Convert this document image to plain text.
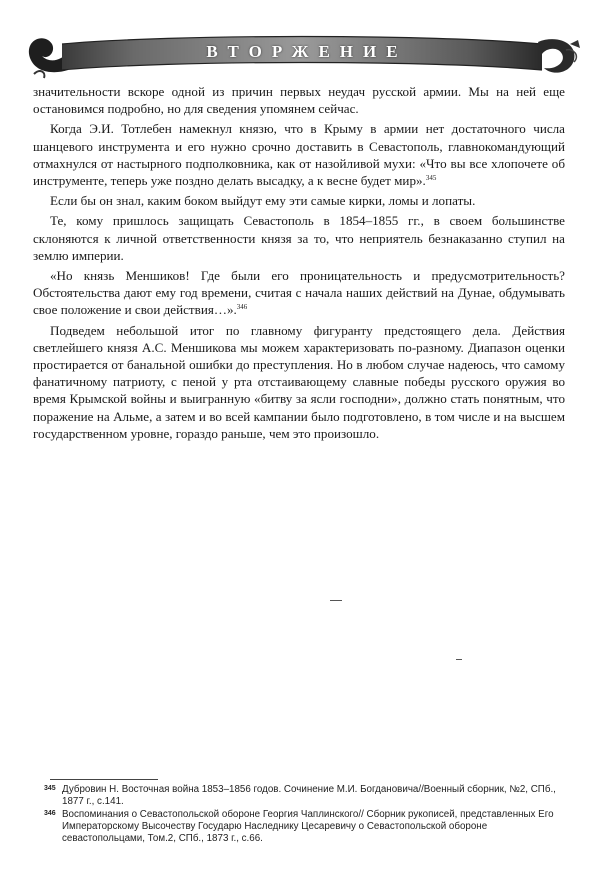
ВТОРЖЕНИЕ

значительности вскоре одной из причин первых неудач русской армии. Мы на ней еще остановимся подробно, но для сведения упомянем сейчас.

Когда Э.И. Тотлебен намекнул князю, что в Крыму в армии нет достаточного числа шанцевого инструмента и его нужно срочно доставить в Севастополь, главнокомандующий отмахнулся от настырного подполковника, как от назойливой мухи: «Что вы все хлопочете об инструменте, теперь уже поздно делать высадку, а к весне будет мир».$^{345}$

Если бы он знал, каким боком выйдут ему эти самые кирки, ломы и лопаты.

Те, кому пришлось защищать Севастополь в 1854–1855 гг., в своем большинстве склоняются к личной ответственности князя за то, что неприятель безнаказанно ступил на землю империи.

«Но князь Меншиков! Где были его проницательность и предусмотрительность? Обстоятельства дают ему год времени, считая с начала наших действий на Дунае, обдумывать свое положение и свои действия…».$^{346}$

Подведем небольшой итог по главному фигуранту предстоящего дела. Действия светлейшего князя А.С. Меншикова мы можем характеризовать по-разному. Диапазон оценки простирается от банальной ошибки до преступления. Но в любом случае надеюсь, что самому фанатичному патриоту, с пеной у рта отстаивающему славные победы русского оружия во время Крымской войны и выигранную «битву за ясли господни», должно стать понятным, что поражение на Альме, а затем и во всей кампании было подготовлено, в том числе и на высшем государственном уровне, гораздо раньше, чем это произошло.

345 Дубровин Н. Восточная война 1853–1856 годов. Сочинение М.И. Богдановича//Военный сборник, №2, СПб., 1877 г., с.141.
346 Воспоминания о Севастопольской обороне Георгия Чаплинского// Сборник рукописей, представленных Его Императорскому Высочеству Государю Наследнику Цесаревичу о Севастопольской обороне севастопольцами, Том.2, СПб., 1873 г., с.66.
